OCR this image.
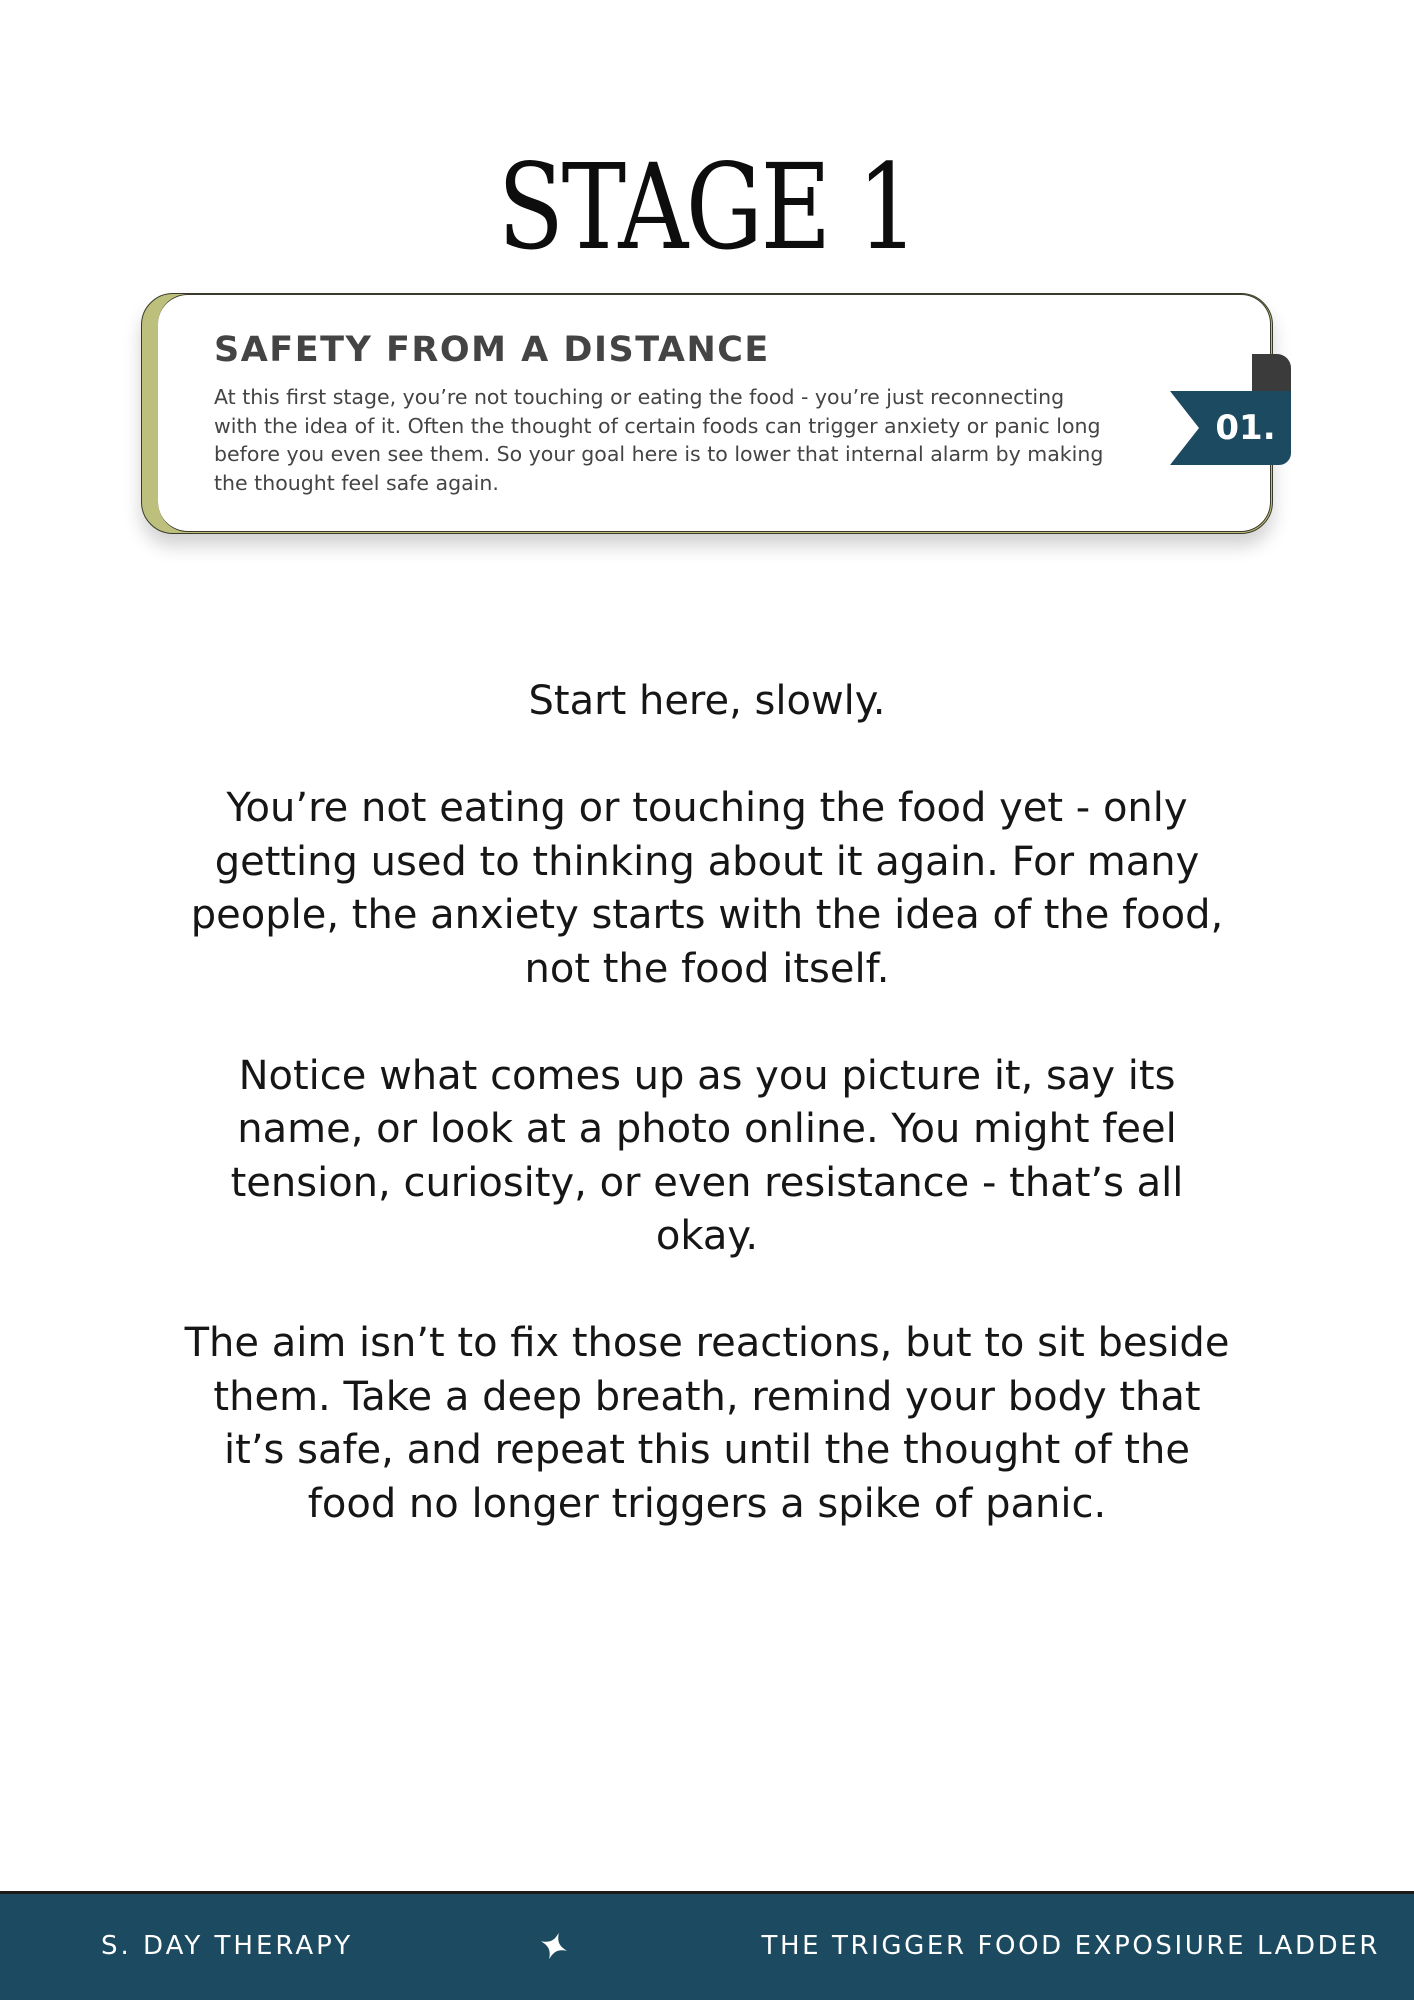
STAGE 1
SAFETY FROM A DISTANCE

At this first stage, you’re not touching or eating the food - you’re just reconnecting with the idea of it. Often the thought of certain foods can trigger anxiety or panic long before you even see them. So your goal here is to lower that internal alarm by making the thought feel safe again.

01.

Start here, slowly.

You’re not eating or touching the food yet - only getting used to thinking about it again. For many people, the anxiety starts with the idea of the food, not the food itself.

Notice what comes up as you picture it, say its name, or look at a photo online. You might feel tension, curiosity, or even resistance - that’s all okay.

The aim isn’t to fix those reactions, but to sit beside them. Take a deep breath, remind your body that it’s safe, and repeat this until the thought of the food no longer triggers a spike of panic.

S. DAY THERAPY	THE TRIGGER FOOD EXPOSIURE LADDER
